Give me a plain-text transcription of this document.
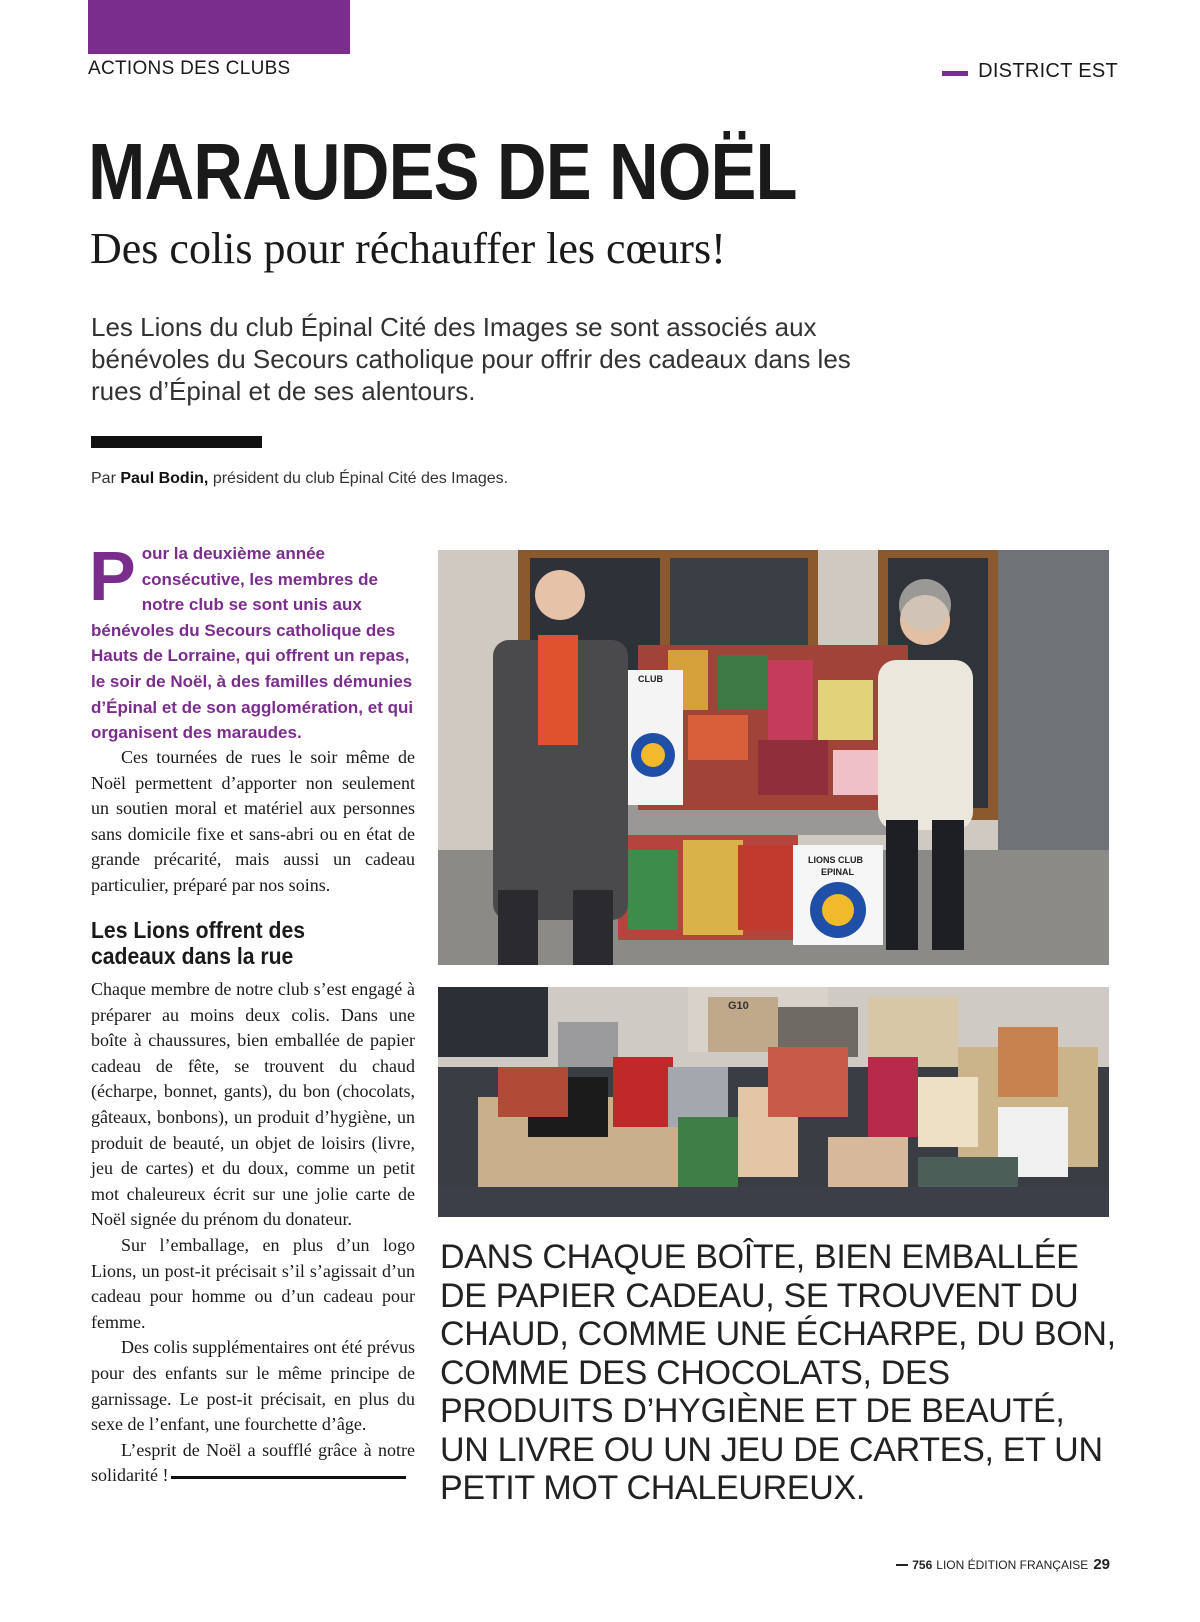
ACTIONS DES CLUBS	DISTRICT EST
MARAUDES DE NOËL
Des colis pour réchauffer les cœurs!
Les Lions du club Épinal Cité des Images se sont associés aux bénévoles du Secours catholique pour offrir des cadeaux dans les rues d’Épinal et de ses alentours.
Par Paul Bodin, président du club Épinal Cité des Images.
Pour la deuxième année consécutive, les membres de notre club se sont unis aux bénévoles du Secours catholique des Hauts de Lorraine, qui offrent un repas, le soir de Noël, à des familles démunies d’Épinal et de son agglomération, et qui organisent des maraudes.

Ces tournées de rues le soir même de Noël permettent d’apporter non seulement un soutien moral et matériel aux personnes sans domicile fixe et sans-abri ou en état de grande précarité, mais aussi un cadeau particulier, préparé par nos soins.

Les Lions offrent des cadeaux dans la rue

Chaque membre de notre club s’est engagé à préparer au moins deux colis. Dans une boîte à chaussures, bien emballée de papier cadeau de fête, se trouvent du chaud (écharpe, bonnet, gants), du bon (chocolats, gâteaux, bonbons), un produit d’hygiène, un produit de beauté, un objet de loisirs (livre, jeu de cartes) et du doux, comme un petit mot chaleureux écrit sur une jolie carte de Noël signée du prénom du donateur.

Sur l’emballage, en plus d’un logo Lions, un post-it précisait s’il s’agissait d’un cadeau pour homme ou d’un cadeau pour femme.

Des colis supplémentaires ont été prévus pour des enfants sur le même principe de garnissage. Le post-it précisait, en plus du sexe de l’enfant, une fourchette d’âge.

L’esprit de Noël a soufflé grâce à notre solidarité !

CLUB
LIONS CLUB
EPINAL
G10
DANS CHAQUE BOÎTE, BIEN EMBALLÉE DE PAPIER CADEAU, SE TROUVENT DU CHAUD, COMME UNE ÉCHARPE, DU BON, COMME DES CHOCOLATS, DES PRODUITS D’HYGIÈNE ET DE BEAUTÉ, UN LIVRE OU UN JEU DE CARTES, ET UN PETIT MOT CHALEUREUX.
756 LION ÉDITION FRANÇAISE 29
